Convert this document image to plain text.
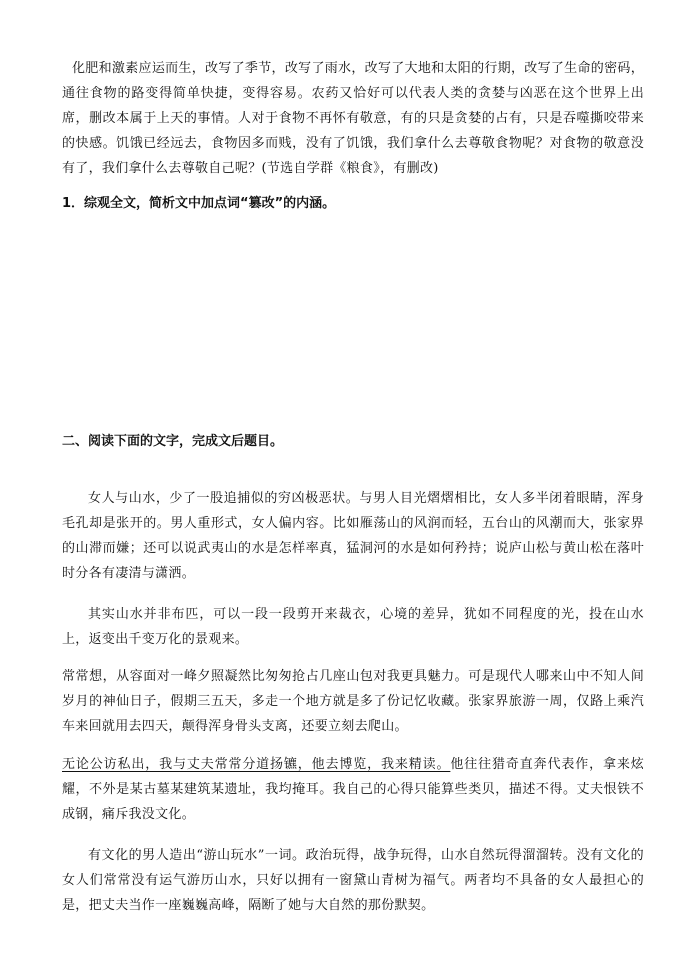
化肥和激素应运而生，改写了季节，改写了雨水，改写了大地和太阳的行期，改写了生命的密码，通往食物的路变得简单快捷，变得容易。农药又恰好可以代表人类的贪婪与凶恶在这个世界上出席，删改本属于上天的事情。人对于食物不再怀有敬意，有的只是贪婪的占有，只是吞噬撕咬带来的快感。饥饿已经远去，食物因多而贱，没有了饥饿，我们拿什么去尊敬食物呢？对食物的敬意没有了，我们拿什么去尊敬自己呢？(节选自学群《粮食》，有删改)

1．综观全文，简析文中加点词“篡改”的内涵。

二、阅读下面的文字，完成文后题目。

女人与山水，少了一股追捕似的穷凶极恶状。与男人目光熠熠相比，女人多半闭着眼睛，浑身毛孔却是张开的。男人重形式，女人偏内容。比如雁荡山的风润而轻，五台山的风潮而大，张家界的山滞而嫌；还可以说武夷山的水是怎样率真，猛洞河的水是如何矜持；说庐山松与黄山松在落叶时分各有凄清与潇洒。

其实山水并非布匹，可以一段一段剪开来裁衣，心境的差异，犹如不同程度的光，投在山水上，返变出千变万化的景观来。

常常想，从容面对一峰夕照凝然比匆匆抢占几座山包对我更具魅力。可是现代人哪来山中不知人间岁月的神仙日子，假期三五天，多走一个地方就是多了份记忆收藏。张家界旅游一周，仅路上乘汽车来回就用去四天，颠得浑身骨头支离，还要立刻去爬山。

无论公访私出，我与丈夫常常分道扬镳，他去博览，我来精读。他往往猎奇直奔代表作，拿来炫耀，不外是某古墓某建筑某遗址，我均掩耳。我自己的心得只能算些类贝，描述不得。丈夫恨铁不成钢，痛斥我没文化。

有文化的男人造出“游山玩水”一词。政治玩得，战争玩得，山水自然玩得溜溜转。没有文化的女人们常常没有运气游历山水，只好以拥有一窗黛山青树为福气。两者均不具备的女人最担心的是，把丈夫当作一座巍巍高峰，隔断了她与大自然的那份默契。
